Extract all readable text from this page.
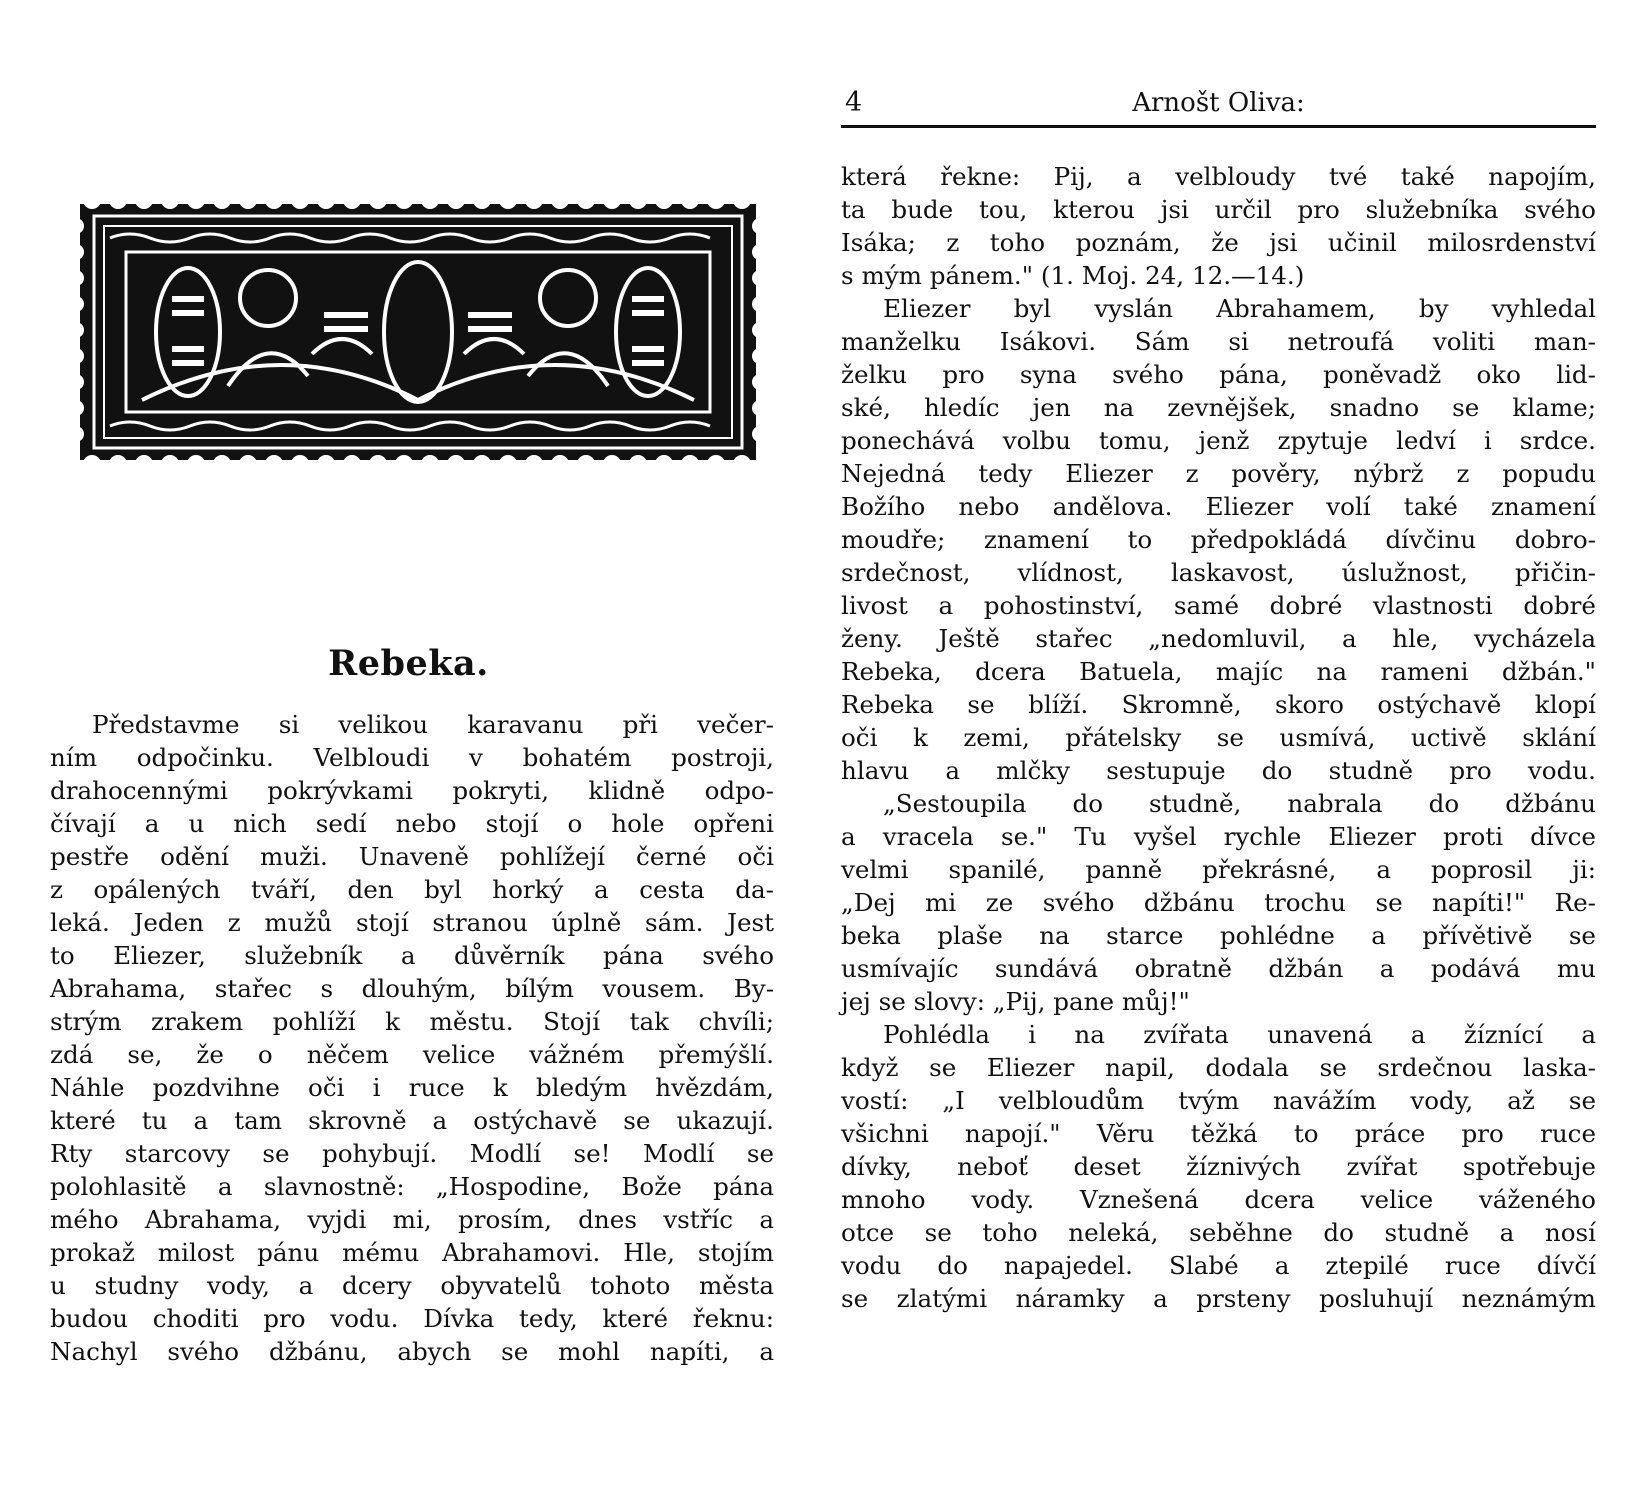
Rebeka.
Představme si velikou karavanu při večer-
ním odpočinku. Velbloudi v bohatém postroji,
drahocennými pokrývkami pokryti, klidně odpo-
čívají a u nich sedí nebo stojí o hole opřeni
pestře odění muži. Unaveně pohlížejí černé oči
z opálených tváří, den byl horký a cesta da-
leká. Jeden z mužů stojí stranou úplně sám. Jest
to Eliezer, služebník a důvěrník pána svého
Abrahama, stařec s dlouhým, bílým vousem. By-
strým zrakem pohlíží k městu. Stojí tak chvíli;
zdá se, že o něčem velice vážném přemýšlí.
Náhle pozdvihne oči i ruce k bledým hvězdám,
které tu a tam skrovně a ostýchavě se ukazují.
Rty starcovy se pohybují. Modlí se! Modlí se
polohlasitě a slavnostně: „Hospodine, Bože pána
mého Abrahama, vyjdi mi, prosím, dnes vstříc a
prokaž milost pánu mému Abrahamovi. Hle, stojím
u studny vody, a dcery obyvatelů tohoto města
budou choditi pro vodu. Dívka tedy, které řeknu:
Nachyl svého džbánu, abych se mohl napíti, a
4	Arnošt Oliva:
která řekne: Pij, a velbloudy tvé také napojím,
ta bude tou, kterou jsi určil pro služebníka svého
Isáka; z toho poznám, že jsi učinil milosrdenství
s mým pánem." (1. Moj. 24, 12.—14.)
Eliezer byl vyslán Abrahamem, by vyhledal
manželku Isákovi. Sám si netroufá voliti man-
želku pro syna svého pána, poněvadž oko lid-
ské, hledíc jen na zevnějšek, snadno se klame;
ponechává volbu tomu, jenž zpytuje ledví i srdce.
Nejedná tedy Eliezer z pověry, nýbrž z popudu
Božího nebo andělova. Eliezer volí také znamení
moudře; znamení to předpokládá dívčinu dobro-
srdečnost, vlídnost, laskavost, úslužnost, přičin-
livost a pohostinství, samé dobré vlastnosti dobré
ženy. Ještě stařec „nedomluvil, a hle, vycházela
Rebeka, dcera Batuela, majíc na rameni džbán."
Rebeka se blíží. Skromně, skoro ostýchavě klopí
oči k zemi, přátelsky se usmívá, uctivě sklání
hlavu a mlčky sestupuje do studně pro vodu.
„Sestoupila do studně, nabrala do džbánu
a vracela se." Tu vyšel rychle Eliezer proti dívce
velmi spanilé, panně překrásné, a poprosil ji:
„Dej mi ze svého džbánu trochu se napíti!" Re-
beka plaše na starce pohlédne a přívětivě se
usmívajíc sundává obratně džbán a podává mu
jej se slovy: „Pij, pane můj!"
Pohlédla i na zvířata unavená a žíznící a
když se Eliezer napil, dodala se srdečnou laska-
vostí: „I velbloudům tvým navážím vody, až se
všichni napojí." Věru těžká to práce pro ruce
dívky, neboť deset žíznivých zvířat spotřebuje
mnoho vody. Vznešená dcera velice váženého
otce se toho neleká, seběhne do studně a nosí
vodu do napajedel. Slabé a ztepilé ruce dívčí
se zlatými náramky a prsteny posluhují neznámým
